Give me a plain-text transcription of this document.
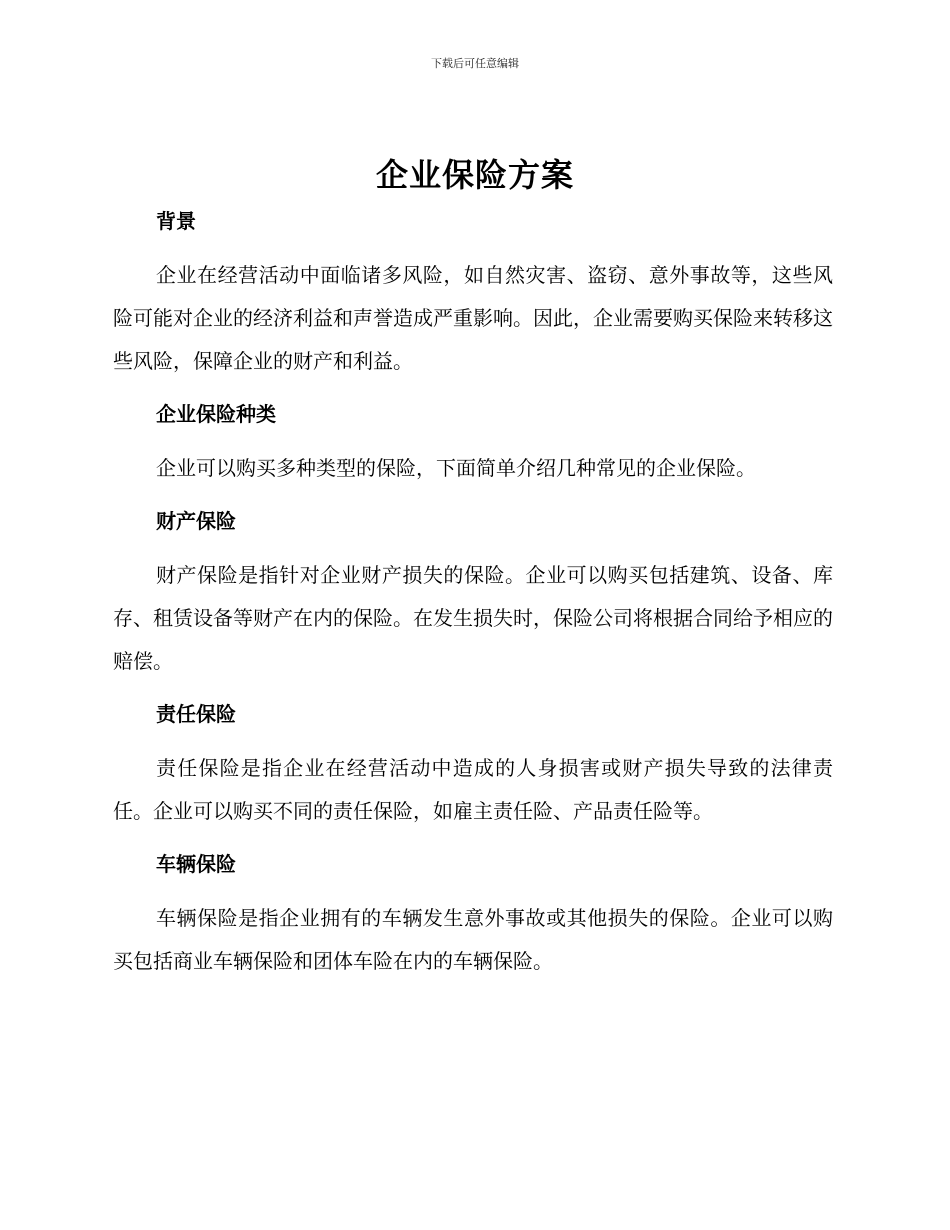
下载后可任意编辑
企业保险方案
背景

企业在经营活动中面临诸多风险，如自然灾害、盗窃、意外事故等，这些风险可能对企业的经济利益和声誉造成严重影响。因此，企业需要购买保险来转移这些风险，保障企业的财产和利益。

企业保险种类

企业可以购买多种类型的保险，下面简单介绍几种常见的企业保险。

财产保险

财产保险是指针对企业财产损失的保险。企业可以购买包括建筑、设备、库存、租赁设备等财产在内的保险。在发生损失时，保险公司将根据合同给予相应的赔偿。

责任保险

责任保险是指企业在经营活动中造成的人身损害或财产损失导致的法律责任。企业可以购买不同的责任保险，如雇主责任险、产品责任险等。

车辆保险

车辆保险是指企业拥有的车辆发生意外事故或其他损失的保险。企业可以购买包括商业车辆保险和团体车险在内的车辆保险。
